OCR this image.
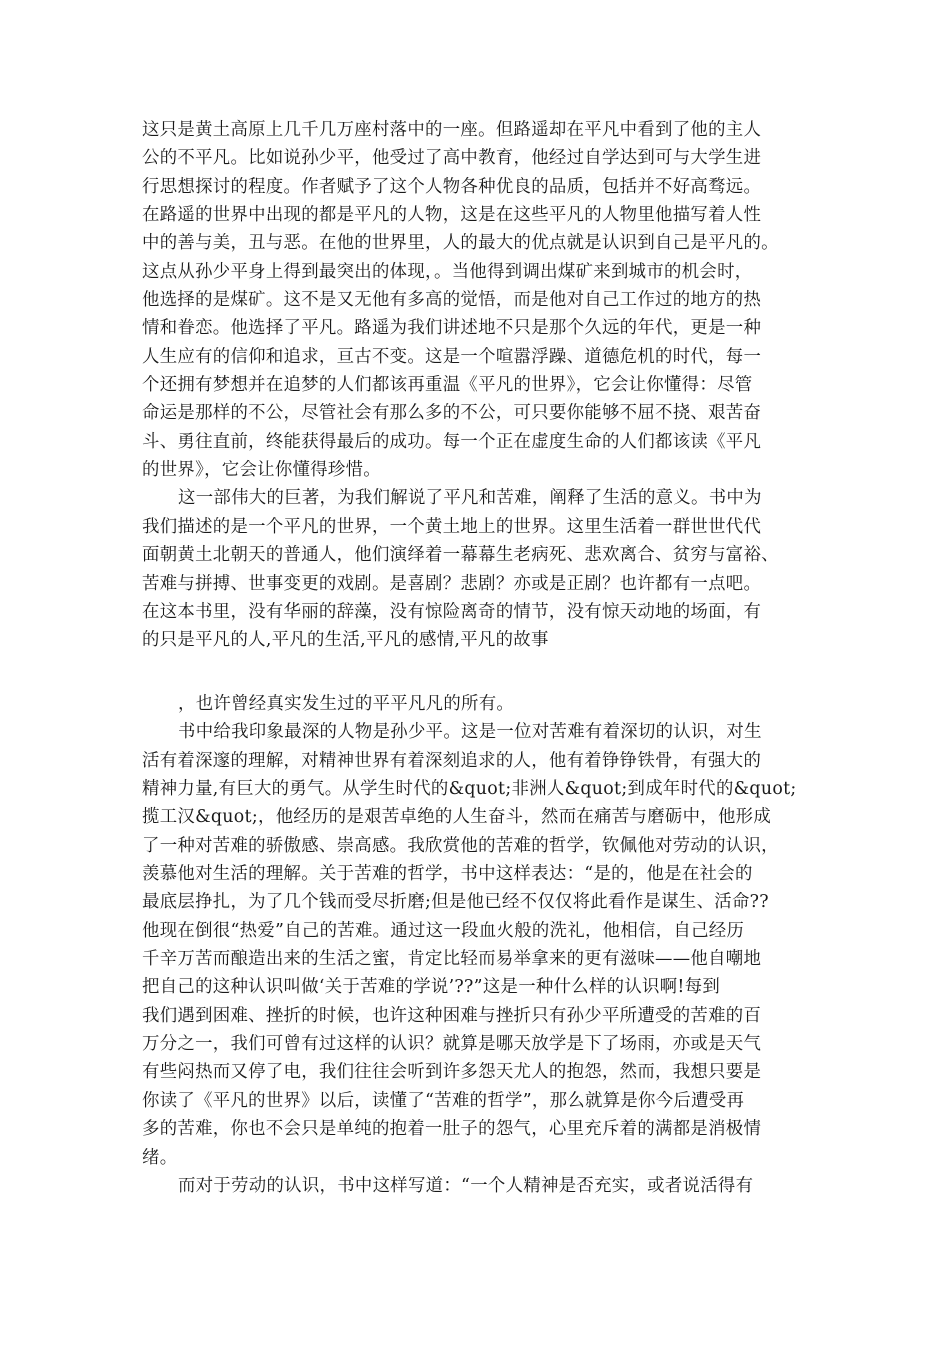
这只是黄土高原上几千几万座村落中的一座。但路遥却在平凡中看到了他的主人
公的不平凡。比如说孙少平，他受过了高中教育，他经过自学达到可与大学生进
行思想探讨的程度。作者赋予了这个人物各种优良的品质，包括并不好高骛远。
在路遥的世界中出现的都是平凡的人物，这是在这些平凡的人物里他描写着人性
中的善与美，丑与恶。在他的世界里，人的最大的优点就是认识到自己是平凡的。
这点从孙少平身上得到最突出的体现，。当他得到调出煤矿来到城市的机会时，
他选择的是煤矿。这不是又无他有多高的觉悟，而是他对自己工作过的地方的热
情和眷恋。他选择了平凡。路遥为我们讲述地不只是那个久远的年代，更是一种
人生应有的信仰和追求，亘古不变。这是一个喧嚣浮躁、道德危机的时代，每一
个还拥有梦想并在追梦的人们都该再重温《平凡的世界》，它会让你懂得：尽管
命运是那样的不公，尽管社会有那么多的不公，可只要你能够不屈不挠、艰苦奋
斗、勇往直前，终能获得最后的成功。每一个正在虚度生命的人们都该读《平凡
的世界》，它会让你懂得珍惜。
这一部伟大的巨著，为我们解说了平凡和苦难，阐释了生活的意义。书中为
我们描述的是一个平凡的世界，一个黄土地上的世界。这里生活着一群世世代代
面朝黄土北朝天的普通人，他们演绎着一幕幕生老病死、悲欢离合、贫穷与富裕、
苦难与拼搏、世事变更的戏剧。是喜剧？悲剧？亦或是正剧？也许都有一点吧。
在这本书里，没有华丽的辞藻，没有惊险离奇的情节，没有惊天动地的场面，有
的只是平凡的人,平凡的生活,平凡的感情,平凡的故事
，也许曾经真实发生过的平平凡凡的所有。
书中给我印象最深的人物是孙少平。这是一位对苦难有着深切的认识，对生
活有着深邃的理解，对精神世界有着深刻追求的人，他有着铮铮铁骨，有强大的
精神力量,有巨大的勇气。从学生时代的&quot;非洲人&quot;到成年时代的&quot;
揽工汉&quot;，他经历的是艰苦卓绝的人生奋斗，然而在痛苦与磨砺中，他形成
了一种对苦难的骄傲感、崇高感。我欣赏他的苦难的哲学，钦佩他对劳动的认识，
羡慕他对生活的理解。关于苦难的哲学，书中这样表达：“是的，他是在社会的
最底层挣扎，为了几个钱而受尽折磨;但是他已经不仅仅将此看作是谋生、活命??
他现在倒很“热爱”自己的苦难。通过这一段血火般的洗礼，他相信，自己经历
千辛万苦而酿造出来的生活之蜜，肯定比轻而易举拿来的更有滋味——他自嘲地
把自己的这种认识叫做‘关于苦难的学说’??”这是一种什么样的认识啊!每到
我们遇到困难、挫折的时候，也许这种困难与挫折只有孙少平所遭受的苦难的百
万分之一，我们可曾有过这样的认识？就算是哪天放学是下了场雨，亦或是天气
有些闷热而又停了电，我们往往会听到许多怨天尤人的抱怨，然而，我想只要是
你读了《平凡的世界》以后，读懂了“苦难的哲学”，那么就算是你今后遭受再
多的苦难，你也不会只是单纯的抱着一肚子的怨气，心里充斥着的满都是消极情
绪。
而对于劳动的认识，书中这样写道：“一个人精神是否充实，或者说活得有
